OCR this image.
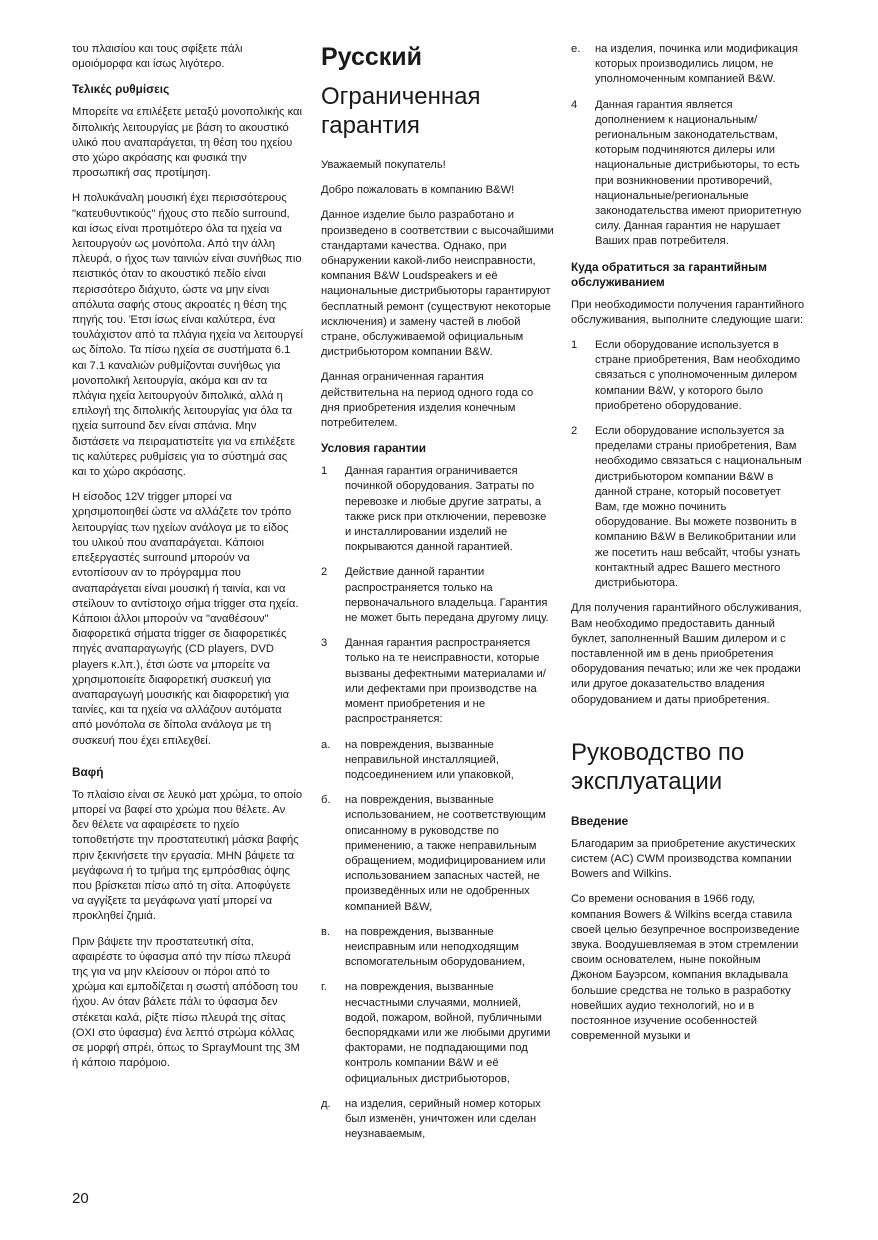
του πλαισίου και τους σφίξετε πάλι ομοιόμορφα και ίσως λιγότερο.

Τελικές ρυθμίσεις

Μπορείτε να επιλέξετε μεταξύ μονοπολικής και διπολικής λειτουργίας με βάση το ακουστικό υλικό που αναπαράγεται, τη θέση του ηχείου στο χώρο ακρόασης και φυσικά την προσωπική σας προτίμηση.

Η πολυκάναλη μουσική έχει περισσότερους "κατευθυντικούς" ήχους στο πεδίο surround, και ίσως είναι προτιμότερο όλα τα ηχεία να λειτουργούν ως μονόπολα. Από την άλλη πλευρά, ο ήχος των ταινιών είναι συνήθως πιο πειστικός όταν το ακουστικό πεδίο είναι περισσότερο διάχυτο, ώστε να μην είναι απόλυτα σαφής στους ακροατές η θέση της πηγής του. Έτσι ίσως είναι καλύτερα, ένα τουλάχιστον από τα πλάγια ηχεία να λειτουργεί ως δίπολο. Τα πίσω ηχεία σε συστήματα 6.1 και 7.1 καναλιών ρυθμίζονται συνήθως για μονοπολική λειτουργία, ακόμα και αν τα πλάγια ηχεία λειτουργούν διπολικά, αλλά η επιλογή της διπολικής λειτουργίας για όλα τα ηχεία surround δεν είναι σπάνια. Μην διστάσετε να πειραματιστείτε για να επιλέξετε τις καλύτερες ρυθμίσεις για το σύστημά σας και το χώρο ακρόασης.

Η είσοδος 12V trigger μπορεί να χρησιμοποιηθεί ώστε να αλλάζετε τον τρόπο λειτουργίας των ηχείων ανάλογα με το είδος του υλικού που αναπαράγεται. Κάποιοι επεξεργαστές surround μπορούν να εντοπίσουν αν το πρόγραμμα που αναπαράγεται είναι μουσική ή ταινία, και να στείλουν το αντίστοιχο σήμα trigger στα ηχεία. Κάποιοι άλλοι μπορούν να "αναθέσουν" διαφορετικά σήματα trigger σε διαφορετικές πηγές αναπαραγωγής (CD players, DVD players κ.λπ.), έτσι ώστε να μπορείτε να χρησιμοποιείτε διαφορετική συσκευή για αναπαραγωγή μουσικής και διαφορετική για ταινίες, και τα ηχεία να αλλάζουν αυτόματα από μονόπολα σε δίπολα ανάλογα με τη συσκευή που έχει επιλεχθεί.

Βαφή

Το πλαίσιο είναι σε λευκό ματ χρώμα, το οποίο μπορεί να βαφεί στο χρώμα που θέλετε. Αν δεν θέλετε να αφαιρέσετε το ηχείο τοποθετήστε την προστατευτική μάσκα βαφής πριν ξεκινήσετε την εργασία. ΜΗΝ βάψετε τα μεγάφωνα ή το τμήμα της εμπρόσθιας όψης που βρίσκεται πίσω από τη σίτα. Αποφύγετε να αγγίξετε τα μεγάφωνα γιατί μπορεί να προκληθεί ζημιά.

Πριν βάψετε την προστατευτική σίτα, αφαιρέστε το ύφασμα από την πίσω πλευρά της για να μην κλείσουν οι πόροι από το χρώμα και εμποδίζεται η σωστή απόδοση του ήχου. Αν όταν βάλετε πάλι το ύφασμα δεν στέκεται καλά, ρίξτε πίσω πλευρά της σίτας (ΟΧΙ στο ύφασμα) ένα λεπτό στρώμα κόλλας σε μορφή σπρέι, όπως το SprayMount της 3M ή κάποιο παρόμοιο.

Русский
Ограниченная гарантия

Уважаемый покупатель!

Добро пожаловать в компанию B&W!

Данное изделие было разработано и произведено в соответствии с высочайшими стандартами качества. Однако, при обнаружении какой-либо неисправности, компания B&W Loudspeakers и её национальные дистрибьюторы гарантируют бесплатный ремонт (существуют некоторые исключения) и замену частей в любой стране, обслуживаемой официальным дистрибьютором компании B&W.

Данная ограниченная гарантия действительна на период одного года со дня приобретения изделия конечным потребителем.

Условия гарантии
1 Данная гарантия ограничивается починкой оборудования. Затраты по перевозке и любые другие затраты, а также риск при отключении, перевозке и инсталлировании изделий не покрываются данной гарантией.
2 Действие данной гарантии распространяется только на первоначального владельца. Гарантия не может быть передана другому лицу.
3 Данная гарантия распространяется только на те неисправности, которые вызваны дефектными материалами и/или дефектами при производстве на момент приобретения и не распространяется:
а. на повреждения, вызванные неправильной инсталляцией, подсоединением или упаковкой,
б. на повреждения, вызванные использованием, не соответствующим описанному в руководстве по применению, а также неправильным обращением, модифицированием или использованием запасных частей, не произведённых или не одобренных компанией B&W,
в. на повреждения, вызванные неисправным или неподходящим вспомогательным оборудованием,
г. на повреждения, вызванные несчастными случаями, молнией, водой, пожаром, войной, публичными беспорядками или же любыми другими факторами, не подпадающими под контроль компании B&W и её официальных дистрибьюторов,
д. на изделия, серийный номер которых был изменён, уничтожен или сделан неузнаваемым,
е. на изделия, починка или модификация которых производились лицом, не уполномоченным компанией B&W.
4 Данная гарантия является дополнением к национальным/региональным законодательствам, которым подчиняются дилеры или национальные дистрибьюторы, то есть при возникновении противоречий, национальные/региональные законодательства имеют приоритетную силу. Данная гарантия не нарушает Ваших прав потребителя.
Куда обратиться за гарантийным обслуживанием

При необходимости получения гарантийного обслуживания, выполните следующие шаги:

1 Если оборудование используется в стране приобретения, Вам необходимо связаться с уполномоченным дилером компании B&W, у которого было приобретено оборудование.
2 Если оборудование используется за пределами страны приобретения, Вам необходимо связаться с национальным дистрибьютором компании B&W в данной стране, который посоветует Вам, где можно починить оборудование. Вы можете позвонить в компанию B&W в Великобритании или же посетить наш вебсайт, чтобы узнать контактный адрес Вашего местного дистрибьютора.

Для получения гарантийного обслуживания, Вам необходимо предоставить данный буклет, заполненный Вашим дилером и с поставленной им в день приобретения оборудования печатью; или же чек продажи или другое доказательство владения оборудованием и даты приобретения.

Руководство по эксплуатации
Введение

Благодарим за приобретение акустических систем (AC) CWM производства компании Bowers and Wilkins.

Со времени основания в 1966 году, компания Bowers & Wilkins всегда ставила своей целью безупречное воспроизведение звука. Воодушевляемая в этом стремлении своим основателем, ныне покойным Джоном Бауэрсом, компания вкладывала большие средства не только в разработку новейших аудио технологий, но и в постоянное изучение особенностей современной музыки и

20
